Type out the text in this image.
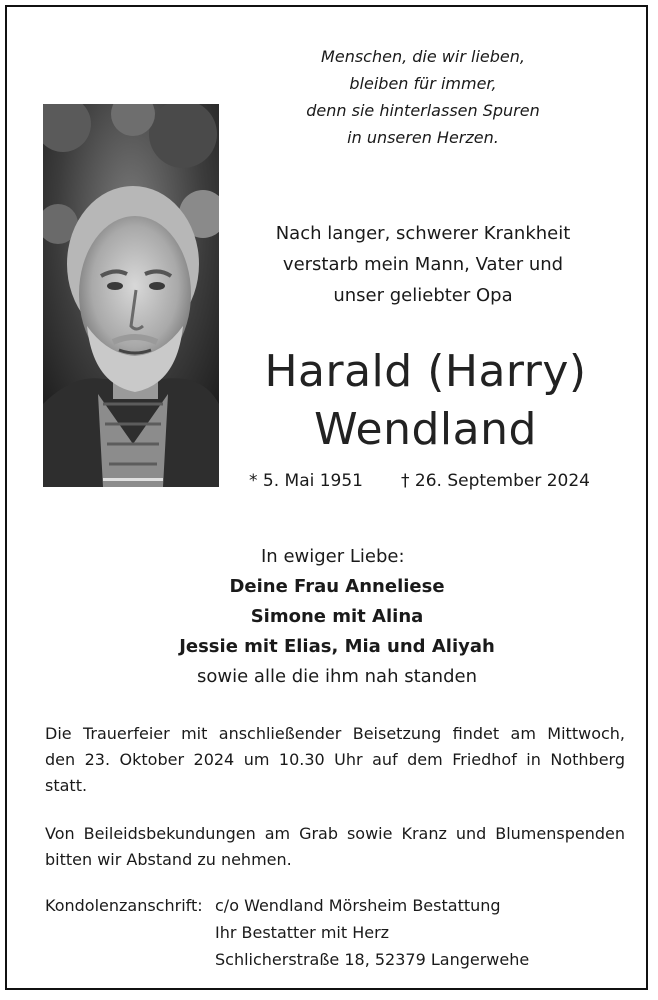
Menschen, die wir lieben,
bleiben für immer,
denn sie hinterlassen Spuren
in unseren Herzen.
Nach langer, schwerer Krankheit
verstarb mein Mann, Vater und
unser geliebter Opa
Harald (Harry)
Wendland
* 5. Mai 1951 † 26. September 2024
In ewiger Liebe:
Deine Frau Anneliese
Simone mit Alina
Jessie mit Elias, Mia und Aliyah
sowie alle die ihm nah standen
Die Trauerfeier mit anschließender Beisetzung findet am Mittwoch,
den 23. Oktober 2024 um 10.30 Uhr auf dem Friedhof in Nothberg
statt.
Von Beileidsbekundungen am Grab sowie Kranz und Blumenspenden
bitten wir Abstand zu nehmen.
Kondolenzanschrift: c/o Wendland Mörsheim Bestattung
Ihr Bestatter mit Herz
Schlicherstraße 18, 52379 Langerwehe
